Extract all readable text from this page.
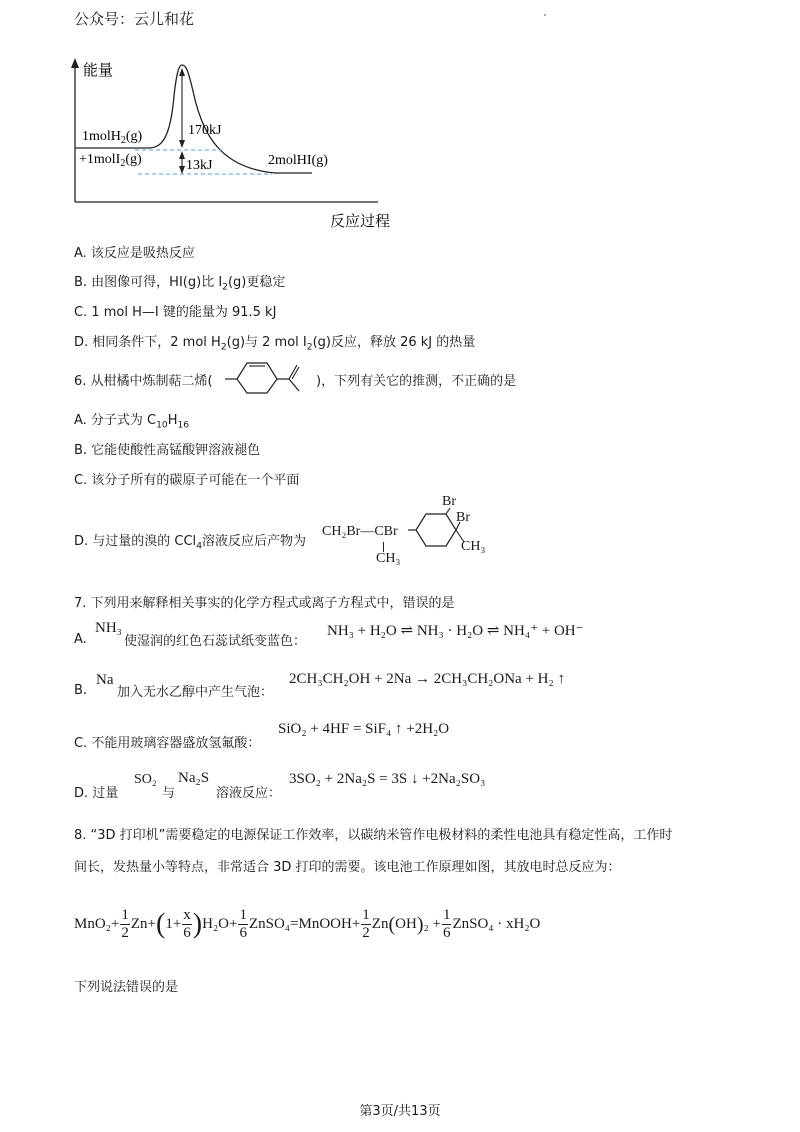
公众号：云儿和花
能量
1molH$_2$(g)
+1molI$_2$(g)
170kJ
13kJ	2molHI(g)
反应过程
A. 该反应是吸热反应
B. 由图像可得，HI(g)比 $I_2(g)$更稳定
C. 1 mol H—I 键的能量为 91.5 kJ
D. 相同条件下，2 mol $H_2(g)$与 2 mol $I_2(g)$反应，释放 26 kJ 的热量
6. 从柑橘中炼制萜二烯(	)，下列有关它的推测，不正确的是
A. 分子式为 $C_{10}H_{16}$
B. 它能使酸性高锰酸钾溶液褪色
C. 该分子所有的碳原子可能在一个平面
D. 与过量的溴的 CCl$_4$溶液反应后产物为
CH₂Br—CBr
CH₃
Br
Br
CH₃
7. 下列用来解释相关事实的化学方程式或离子方程式中，错误的是
A.
NH₃
使湿润的红色石蕊试纸变蓝色：
NH₃ + H₂O ⇌ NH₃ · H₂O ⇌ NH₄⁺ + OH⁻
B.
Na
加入无水乙醇中产生气泡：
2CH₃CH₂OH + 2Na → 2CH₃CH₂ONa + H₂ ↑
C. 不能用玻璃容器盛放氢氟酸：
SiO₂ + 4HF = SiF₄ ↑ +2H₂O
D. 过量
SO₂
与
Na₂S
溶液反应：
3SO₂ + 2Na₂S = 3S ↓ +2Na₂SO₃
8. “3D 打印机”需要稳定的电源保证工作效率，以碳纳米管作电极材料的柔性电池具有稳定性高，工作时
间长，发热量小等特点，非常适合 3D 打印的需要。该电池工作原理如图，其放电时总反应为：
$MnO_2+ \frac{1}{2} Zn+(1+ \frac{x}{6} )H_2O+ \frac{1}{6}$ ZnSO₄=MnOOH+ $\frac{1}{2} Zn(OH)_2 + \frac{1}{6}$ ZnSO₄ · xH₂O
下列说法错误的是
第3页/共13页
